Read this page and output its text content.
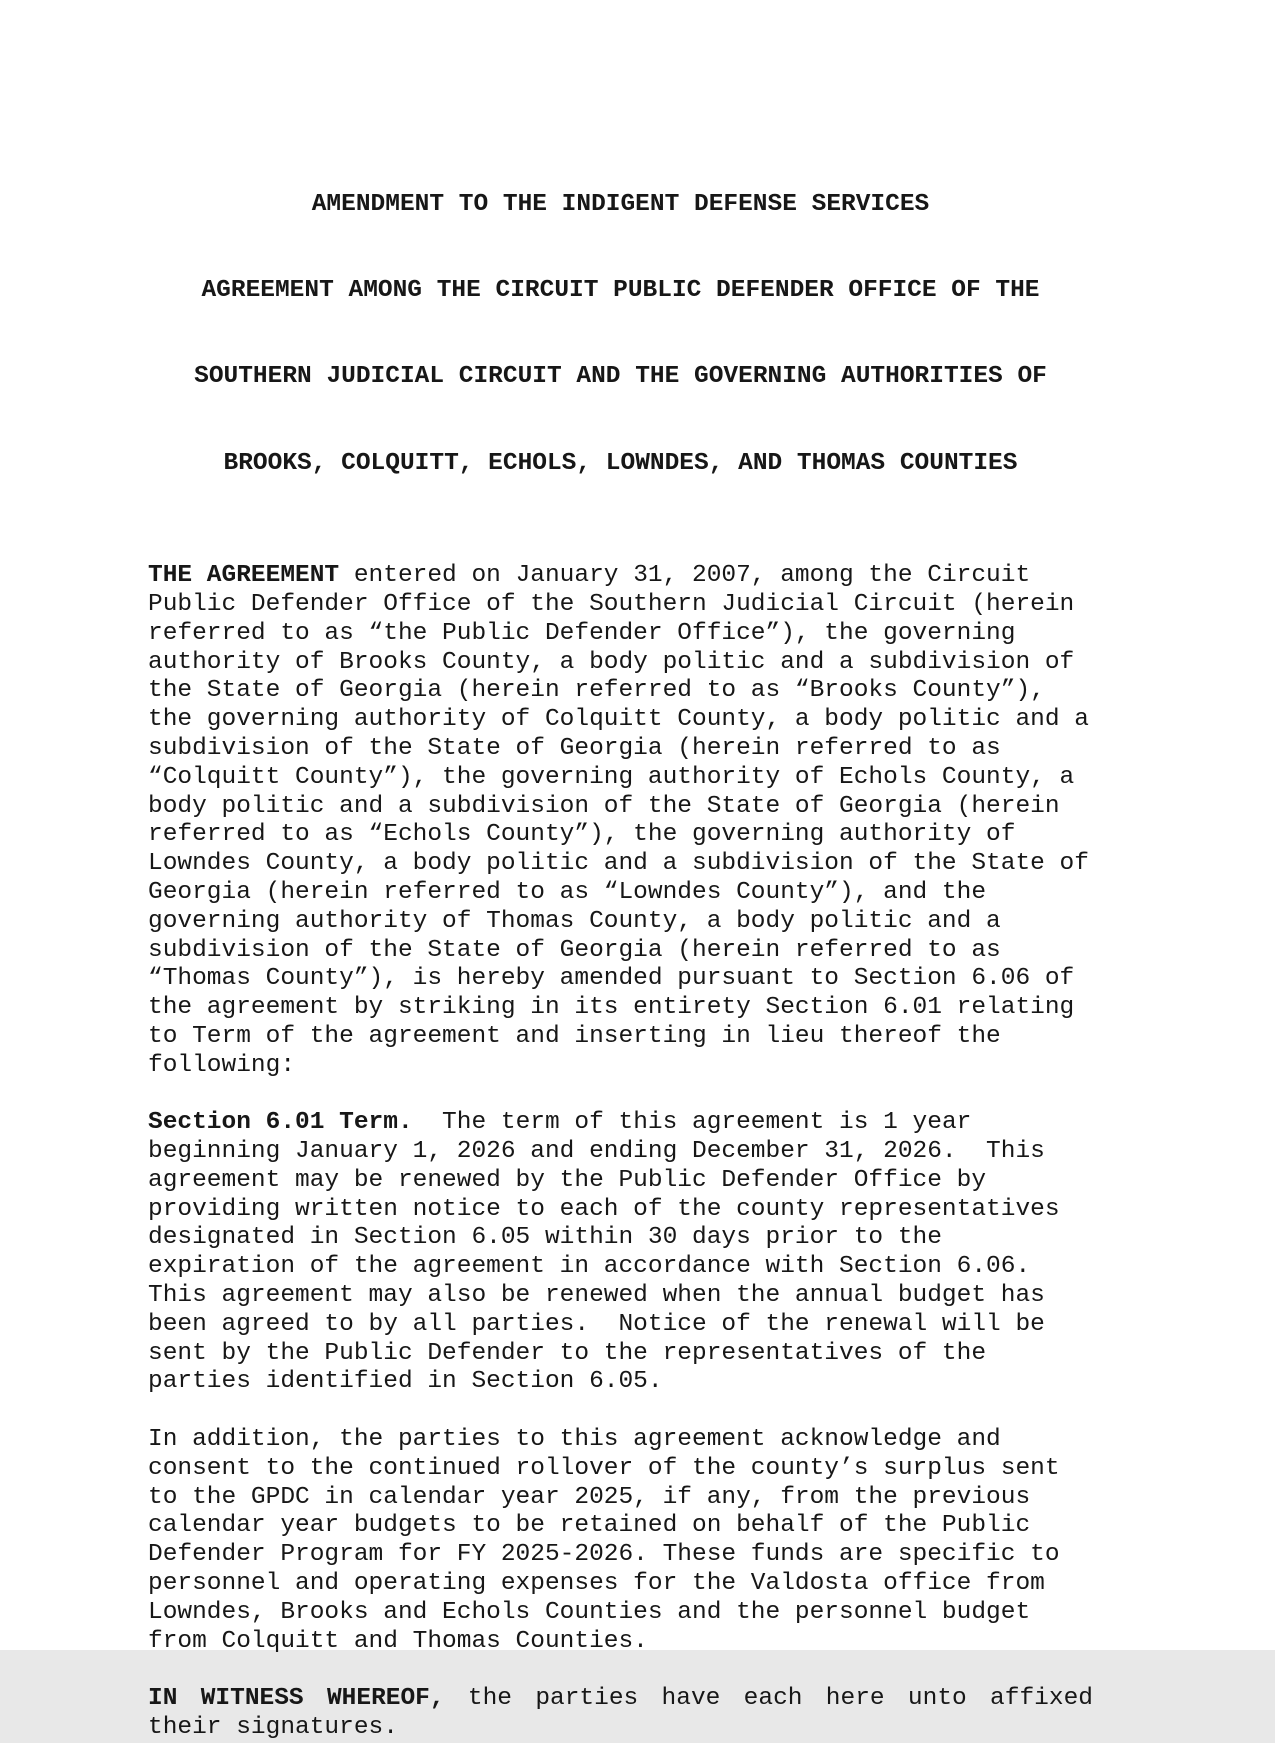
AMENDMENT TO THE INDIGENT DEFENSE SERVICES

AGREEMENT AMONG THE CIRCUIT PUBLIC DEFENDER OFFICE OF THE

SOUTHERN JUDICIAL CIRCUIT AND THE GOVERNING AUTHORITIES OF

BROOKS, COLQUITT, ECHOLS, LOWNDES, AND THOMAS COUNTIES

THE AGREEMENT entered on January 31, 2007, among the Circuit
Public Defender Office of the Southern Judicial Circuit (herein
referred to as “the Public Defender Office”), the governing
authority of Brooks County, a body politic and a subdivision of
the State of Georgia (herein referred to as “Brooks County”),
the governing authority of Colquitt County, a body politic and a
subdivision of the State of Georgia (herein referred to as
“Colquitt County”), the governing authority of Echols County, a
body politic and a subdivision of the State of Georgia (herein
referred to as “Echols County”), the governing authority of
Lowndes County, a body politic and a subdivision of the State of
Georgia (herein referred to as “Lowndes County”), and the
governing authority of Thomas County, a body politic and a
subdivision of the State of Georgia (herein referred to as
“Thomas County”), is hereby amended pursuant to Section 6.06 of
the agreement by striking in its entirety Section 6.01 relating
to Term of the agreement and inserting in lieu thereof the
following:
Section 6.01 Term.  The term of this agreement is 1 year
beginning January 1, 2026 and ending December 31, 2026.  This
agreement may be renewed by the Public Defender Office by
providing written notice to each of the county representatives
designated in Section 6.05 within 30 days prior to the
expiration of the agreement in accordance with Section 6.06.
This agreement may also be renewed when the annual budget has
been agreed to by all parties.  Notice of the renewal will be
sent by the Public Defender to the representatives of the
parties identified in Section 6.05.
In addition, the parties to this agreement acknowledge and
consent to the continued rollover of the county’s surplus sent
to the GPDC in calendar year 2025, if any, from the previous
calendar year budgets to be retained on behalf of the Public
Defender Program for FY 2025-2026. These funds are specific to
personnel and operating expenses for the Valdosta office from
Lowndes, Brooks and Echols Counties and the personnel budget
from Colquitt and Thomas Counties.
IN WITNESS WHEREOF, the parties have each here unto affixed
their signatures.
